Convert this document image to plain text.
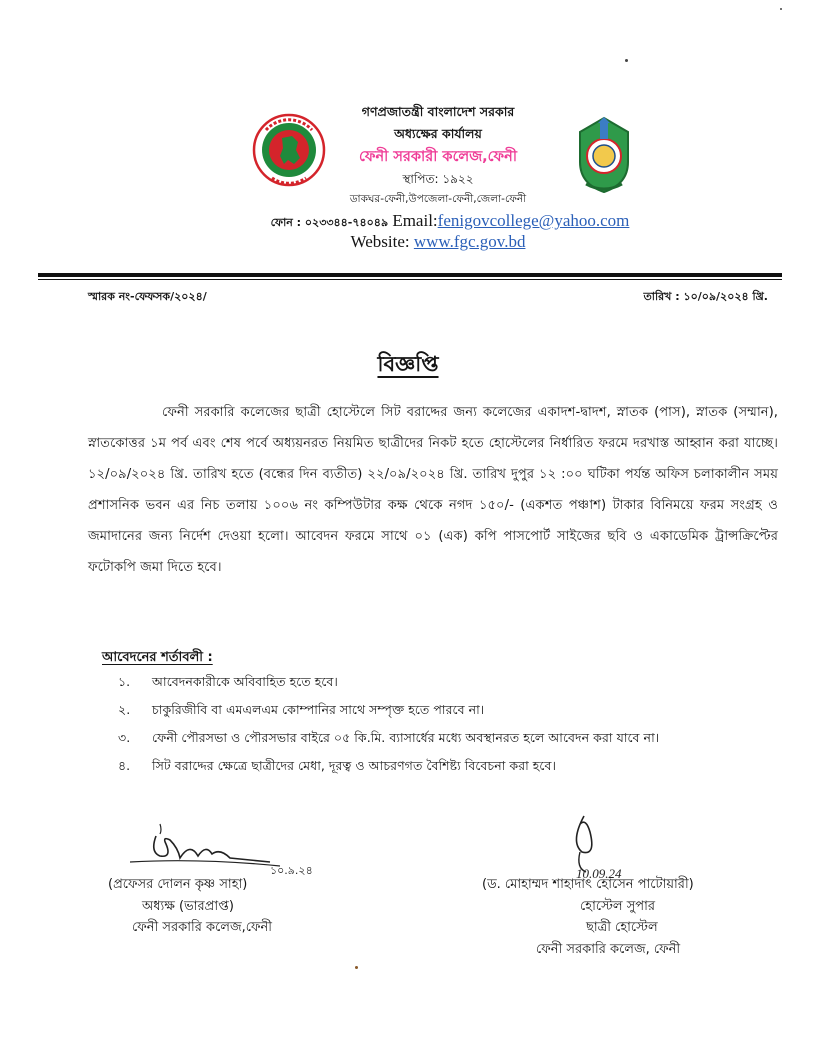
গণপ্রজাতন্ত্রী বাংলাদেশ সরকার
অধ্যক্ষের কার্যালয়
ফেনী সরকারী কলেজ,ফেনী
স্থাপিত: ১৯২২
ডাকঘর-ফেনী,উপজেলা-ফেনী,জেলা-ফেনী
ফোন : ০২৩৩৪৪-৭৪০৪৯ Email:fenigovcollege@yahoo.com
Website: www.fgc.gov.bd
স্মারক নং-ফেফসক/২০২৪/	তারিখ : ১০/০৯/২০২৪ খ্রি.
বিজ্ঞপ্তি

ফেনী সরকারি কলেজের ছাত্রী হোস্টেলে সিট বরাদ্দের জন্য কলেজের একাদশ-দ্বাদশ, স্নাতক (পাস), স্নাতক (সম্মান), স্নাতকোত্তর ১ম পর্ব এবং শেষ পর্বে অধ্যয়নরত নিয়মিত ছাত্রীদের নিকট হতে হোস্টেলের নির্ধারিত ফরমে দরখাস্ত আহ্বান করা যাচ্ছে। ১২/০৯/২০২৪ খ্রি. তারিখ হতে (বন্ধের দিন ব্যতীত) ২২/০৯/২০২৪ খ্রি. তারিখ দুপুর ১২ :০০ ঘটিকা পর্যন্ত অফিস চলাকালীন সময় প্রশাসনিক ভবন এর নিচ তলায় ১০০৬ নং কম্পিউটার কক্ষ থেকে নগদ ১৫০/- (একশত পঞ্চাশ) টাকার বিনিময়ে ফরম সংগ্রহ ও জমাদানের জন্য নির্দেশ দেওয়া হলো। আবেদন ফরমে সাথে ০১ (এক) কপি পাসপোর্ট সাইজের ছবি ও একাডেমিক ট্রান্সক্রিপ্টের ফটোকপি জমা দিতে হবে।

আবেদনের শর্তাবলী :
১.	আবেদনকারীকে অবিবাহিত হতে হবে।
২.	চাকুরিজীবি বা এমএলএম কোম্পানির সাথে সম্পৃক্ত হতে পারবে না।
৩.	ফেনী পৌরসভা ও পৌরসভার বাইরে ০৫ কি.মি. ব্যাসার্ধের মধ্যে অবস্থানরত হলে আবেদন করা যাবে না।
৪.	সিট বরাদ্দের ক্ষেত্রে ছাত্রীদের মেধা, দূরত্ব ও আচরণগত বৈশিষ্ট্য বিবেচনা করা হবে।
১০.৯.২৪	10.09.24
(প্রফেসর দোলন কৃষ্ণ সাহা)
অধ্যক্ষ (ভারপ্রাপ্ত)
ফেনী সরকারি কলেজ,ফেনী
(ড. মোহাম্মদ শাহাদাৎ হোসেন পাটোয়ারী)
হোস্টেল সুপার
ছাত্রী হোস্টেল
ফেনী সরকারি কলেজ, ফেনী
